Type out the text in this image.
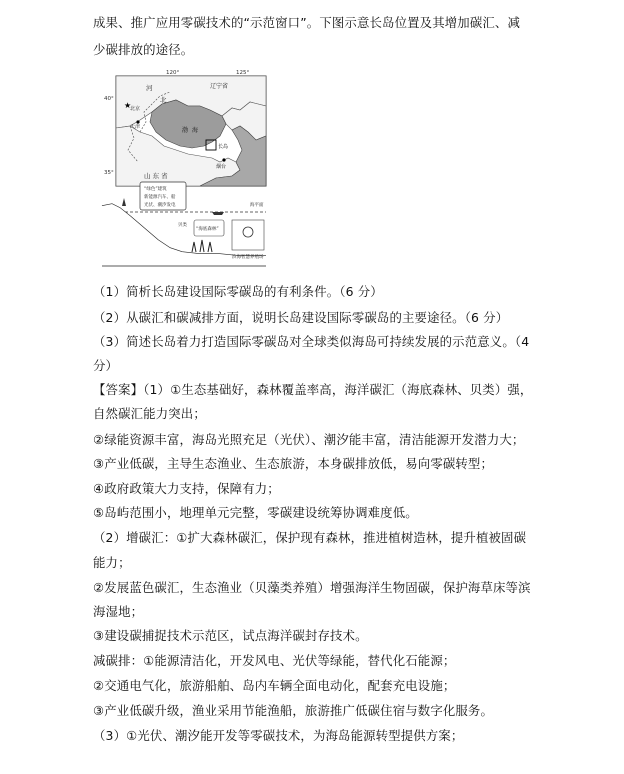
成果、推广应用零碳技术的“示范窗口”。下图示意长岛位置及其增加碳汇、减
少碳排放的途径。
★
120°	125°
40°
35°
辽宁省
河
北
北京
天津	渤 海
长岛
烟台
山 东 省
海平面
“绿色”建筑
新能源汽车、船
光伏、潮汐发电
“海底森林”
贝类
滨海智慧养殖场
（1）简析长岛建设国际零碳岛的有利条件。（6 分）
（2）从碳汇和碳减排方面，说明长岛建设国际零碳岛的主要途径。（6 分）
（3）简述长岛着力打造国际零碳岛对全球类似海岛可持续发展的示范意义。（4
分）
【答案】（1）①生态基础好，森林覆盖率高，海洋碳汇（海底森林、贝类）强，
自然碳汇能力突出；
②绿能资源丰富，海岛光照充足（光伏）、潮汐能丰富，清洁能源开发潜力大；
③产业低碳，主导生态渔业、生态旅游，本身碳排放低，易向零碳转型；
④政府政策大力支持，保障有力；
⑤岛屿范围小，地理单元完整，零碳建设统筹协调难度低。
（2）增碳汇：①扩大森林碳汇，保护现有森林，推进植树造林，提升植被固碳
能力；
②发展蓝色碳汇，生态渔业（贝藻类养殖）增强海洋生物固碳，保护海草床等滨
海湿地；
③建设碳捕捉技术示范区，试点海洋碳封存技术。
减碳排：①能源清洁化，开发风电、光伏等绿能，替代化石能源；
②交通电气化，旅游船舶、岛内车辆全面电动化，配套充电设施；
③产业低碳升级，渔业采用节能渔船，旅游推广低碳住宿与数字化服务。
（3）①光伏、潮汐能开发等零碳技术，为海岛能源转型提供方案；
